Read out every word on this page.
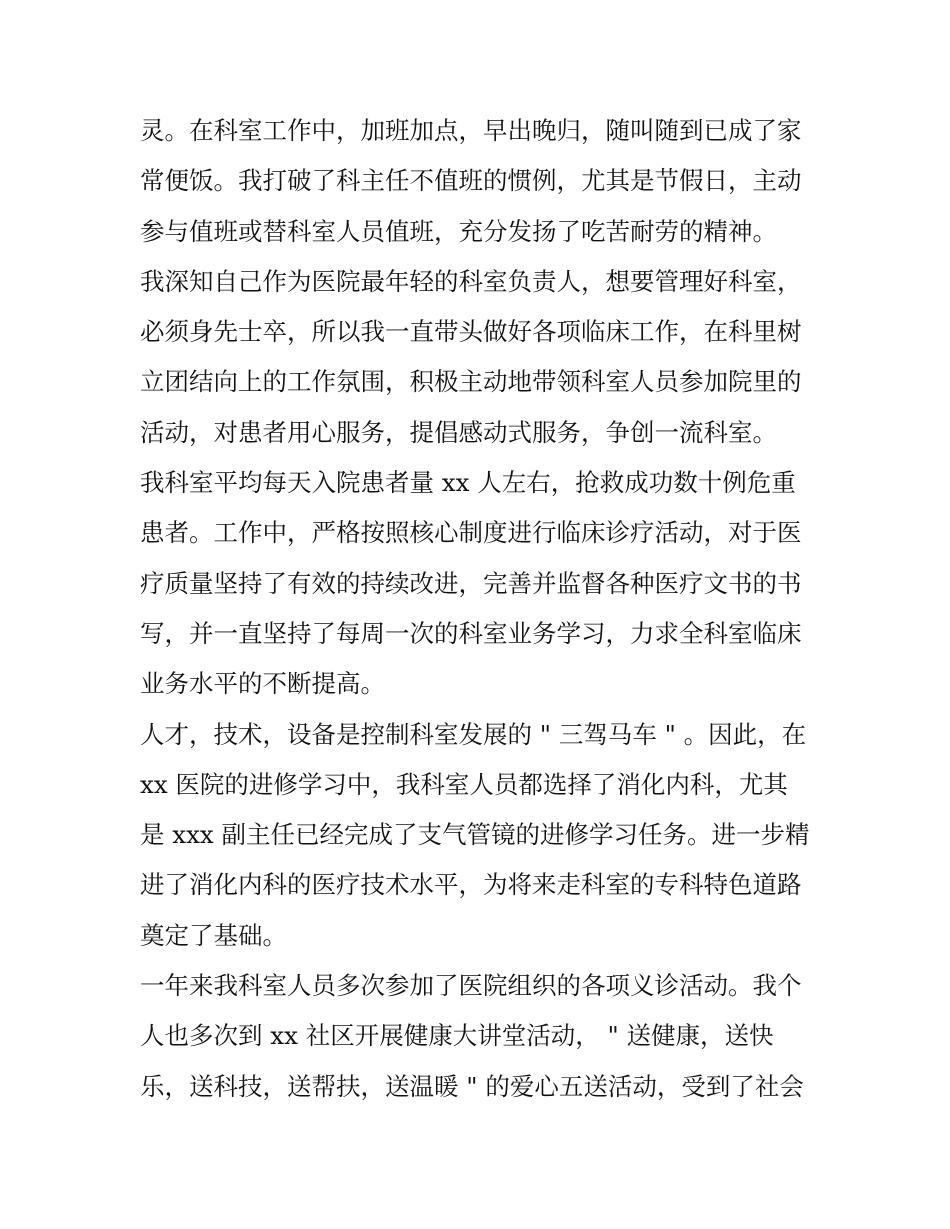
灵。在科室工作中，加班加点，早出晚归，随叫随到已成了家
常便饭。我打破了科主任不值班的惯例，尤其是节假日，主动
参与值班或替科室人员值班，充分发扬了吃苦耐劳的精神。
我深知自己作为医院最年轻的科室负责人，想要管理好科室，
必须身先士卒，所以我一直带头做好各项临床工作，在科里树
立团结向上的工作氛围，积极主动地带领科室人员参加院里的
活动，对患者用心服务，提倡感动式服务，争创一流科室。
我科室平均每天入院患者量 xx 人左右，抢救成功数十例危重
患者。工作中，严格按照核心制度进行临床诊疗活动，对于医
疗质量坚持了有效的持续改进，完善并监督各种医疗文书的书
写，并一直坚持了每周一次的科室业务学习，力求全科室临床
业务水平的不断提高。
人才，技术，设备是控制科室发展的 " 三驾马车 " 。因此，在
xx 医院的进修学习中，我科室人员都选择了消化内科，尤其
是 xxx 副主任已经完成了支气管镜的进修学习任务。进一步精
进了消化内科的医疗技术水平，为将来走科室的专科特色道路
奠定了基础。
一年来我科室人员多次参加了医院组织的各项义诊活动。我个
人也多次到 xx 社区开展健康大讲堂活动， " 送健康，送快
乐，送科技，送帮扶，送温暖 " 的爱心五送活动，受到了社会
